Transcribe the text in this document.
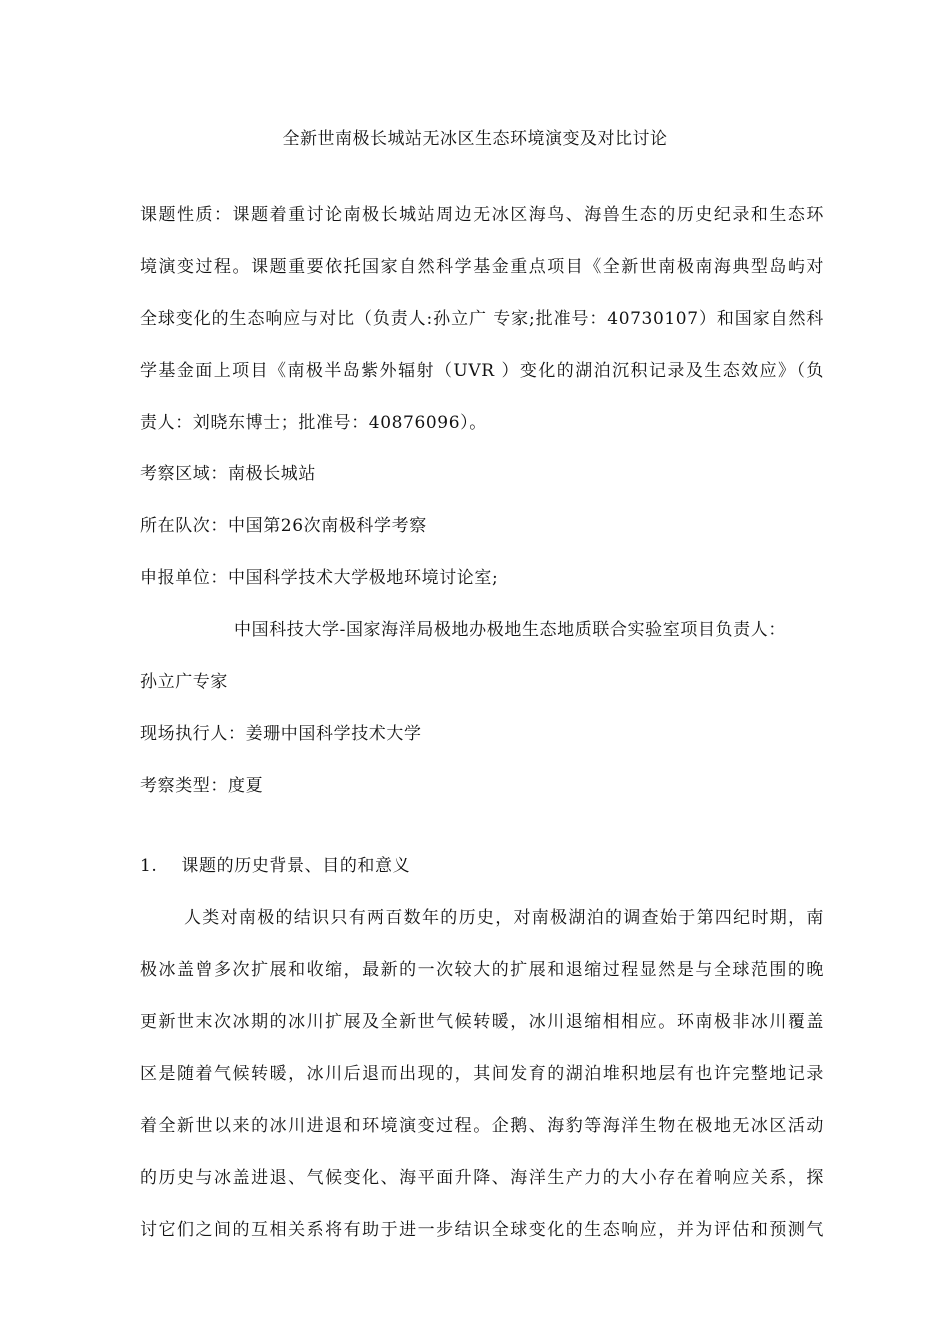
全新世南极长城站无冰区生态环境演变及对比讨论
课题性质：课题着重讨论南极长城站周边无冰区海鸟、海兽生态的历史纪录和生态环
境演变过程。课题重要依托国家自然科学基金重点项目《全新世南极南海典型岛屿对
全球变化的生态响应与对比（负责人:孙立广 专家;批准号：40730107）和国家自然科
学基金面上项目《南极半岛紫外辐射（UVR ）变化的湖泊沉积记录及生态效应》（负
责人：刘晓东博士；批准号：40876096）。
考察区域：南极长城站
所在队次：中国第26次南极科学考察
申报单位：中国科学技术大学极地环境讨论室;
中国科技大学-国家海洋局极地办极地生态地质联合实验室项目负责人：
孙立广专家
现场执行人：姜珊中国科学技术大学
考察类型：度夏
1.    课题的历史背景、目的和意义
人类对南极的结识只有两百数年的历史，对南极湖泊的调查始于第四纪时期，南
极冰盖曾多次扩展和收缩，最新的一次较大的扩展和退缩过程显然是与全球范围的晚
更新世末次冰期的冰川扩展及全新世气候转暖，冰川退缩相相应。环南极非冰川覆盖
区是随着气候转暖，冰川后退而出现的，其间发育的湖泊堆积地层有也许完整地记录
着全新世以来的冰川进退和环境演变过程。企鹅、海豹等海洋生物在极地无冰区活动
的历史与冰盖进退、气候变化、海平面升降、海洋生产力的大小存在着响应关系，探
讨它们之间的互相关系将有助于进一步结识全球变化的生态响应，并为评估和预测气
